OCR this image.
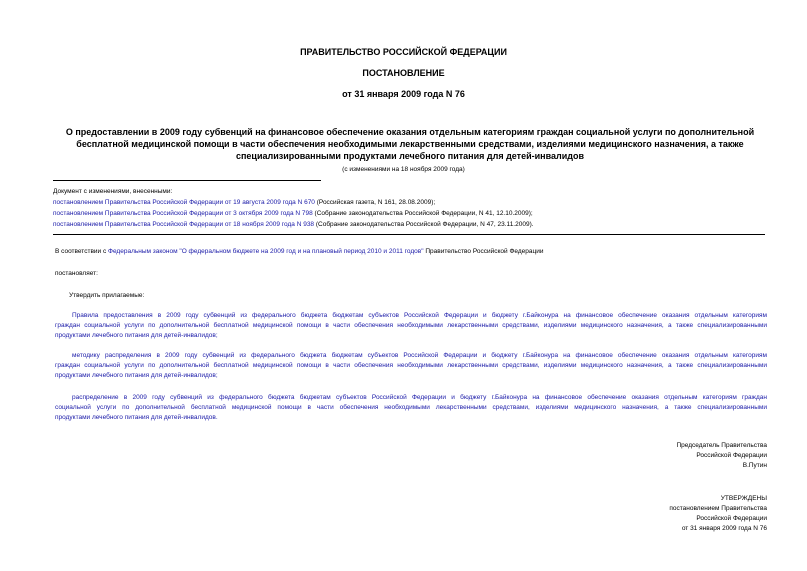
ПРАВИТЕЛЬСТВО РОССИЙСКОЙ ФЕДЕРАЦИИ
ПОСТАНОВЛЕНИЕ
от 31 января 2009 года N 76
О предоставлении в 2009 году субвенций на финансовое обеспечение оказания отдельным категориям граждан социальной услуги по дополнительной
бесплатной медицинской помощи в части обеспечения необходимыми лекарственными средствами, изделиями медицинского назначения, а также
специализированными продуктами лечебного питания для детей-инвалидов
(с изменениями на 18 ноября 2009 года)
Документ с изменениями, внесенными:
постановлением Правительства Российской Федерации от 19 августа 2009 года N 670 (Российская газета, N 161, 28.08.2009);
постановлением Правительства Российской Федерации от 3 октября 2009 года N 798 (Собрание законодательства Российской Федерации, N 41, 12.10.2009);
постановлением Правительства Российской Федерации от 18 ноября 2009 года N 938 (Собрание законодательства Российской Федерации, N 47, 23.11.2009).
В соответствии с Федеральным законом "О федеральном бюджете на 2009 год и на плановый период 2010 и 2011 годов" Правительство Российской Федерации
постановляет:
Утвердить прилагаемые:
Правила предоставления в 2009 году субвенций из федерального бюджета бюджетам субъектов Российской Федерации и бюджету г.Байконура на финансовое обеспечение оказания отдельным категориям
граждан социальной услуги по дополнительной бесплатной медицинской помощи в части обеспечения необходимыми лекарственными средствами, изделиями медицинского назначения, а также специализированными
продуктами лечебного питания для детей-инвалидов;
методику распределения в 2009 году субвенций из федерального бюджета бюджетам субъектов Российской Федерации и бюджету г.Байконура на финансовое обеспечение оказания отдельным категориям
граждан социальной услуги по дополнительной бесплатной медицинской помощи в части обеспечения необходимыми лекарственными средствами, изделиями медицинского назначения, а также специализированными
продуктами лечебного питания для детей-инвалидов;
распределение в 2009 году субвенций из федерального бюджета бюджетам субъектов Российской Федерации и бюджету г.Байконура на финансовое обеспечение оказания отдельным категориям граждан
социальной услуги по дополнительной бесплатной медицинской помощи в части обеспечения необходимыми лекарственными средствами, изделиями медицинского назначения, а также специализированными
продуктами лечебного питания для детей-инвалидов.
Председатель Правительства
Российской Федерации
В.Путин
УТВЕРЖДЕНЫ
постановлением Правительства
Российской Федерации
от 31 января 2009 года N 76
